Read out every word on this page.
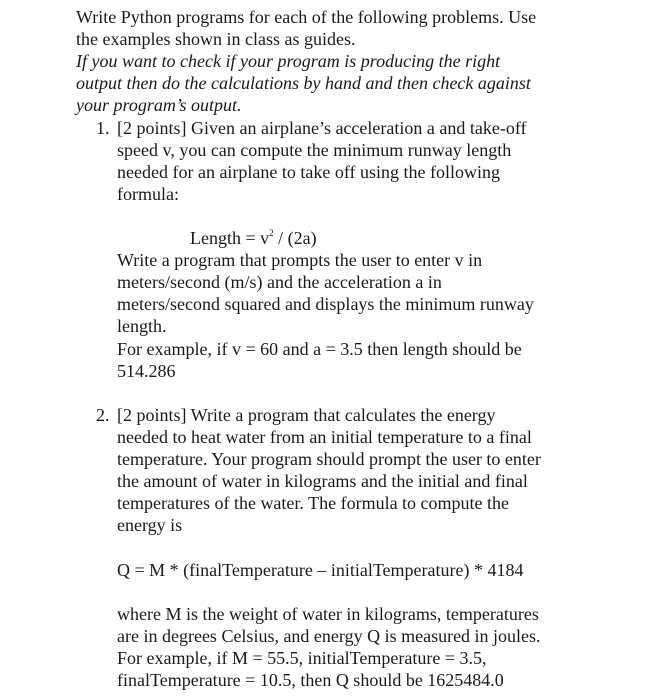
Write Python programs for each of the following problems. Use
the examples shown in class as guides.
If you want to check if your program is producing the right
output then do the calculations by hand and then check against
your program’s output.
1. [2 points] Given an airplane’s acceleration a and take-off
speed v, you can compute the minimum runway length
needed for an airplane to take off using the following
formula:
Length = $v^2 / (2a)$
Write a program that prompts the user to enter v in
meters/second (m/s) and the acceleration a in
meters/second squared and displays the minimum runway
length.
For example, if v = 60 and a = 3.5 then length should be
514.286
2. [2 points] Write a program that calculates the energy
needed to heat water from an initial temperature to a final
temperature. Your program should prompt the user to enter
the amount of water in kilograms and the initial and final
temperatures of the water. The formula to compute the
energy is
Q = M * (finalTemperature – initialTemperature) * 4184
where M is the weight of water in kilograms, temperatures
are in degrees Celsius, and energy Q is measured in joules.
For example, if M = 55.5, initialTemperature = 3.5,
finalTemperature = 10.5, then Q should be 1625484.0
